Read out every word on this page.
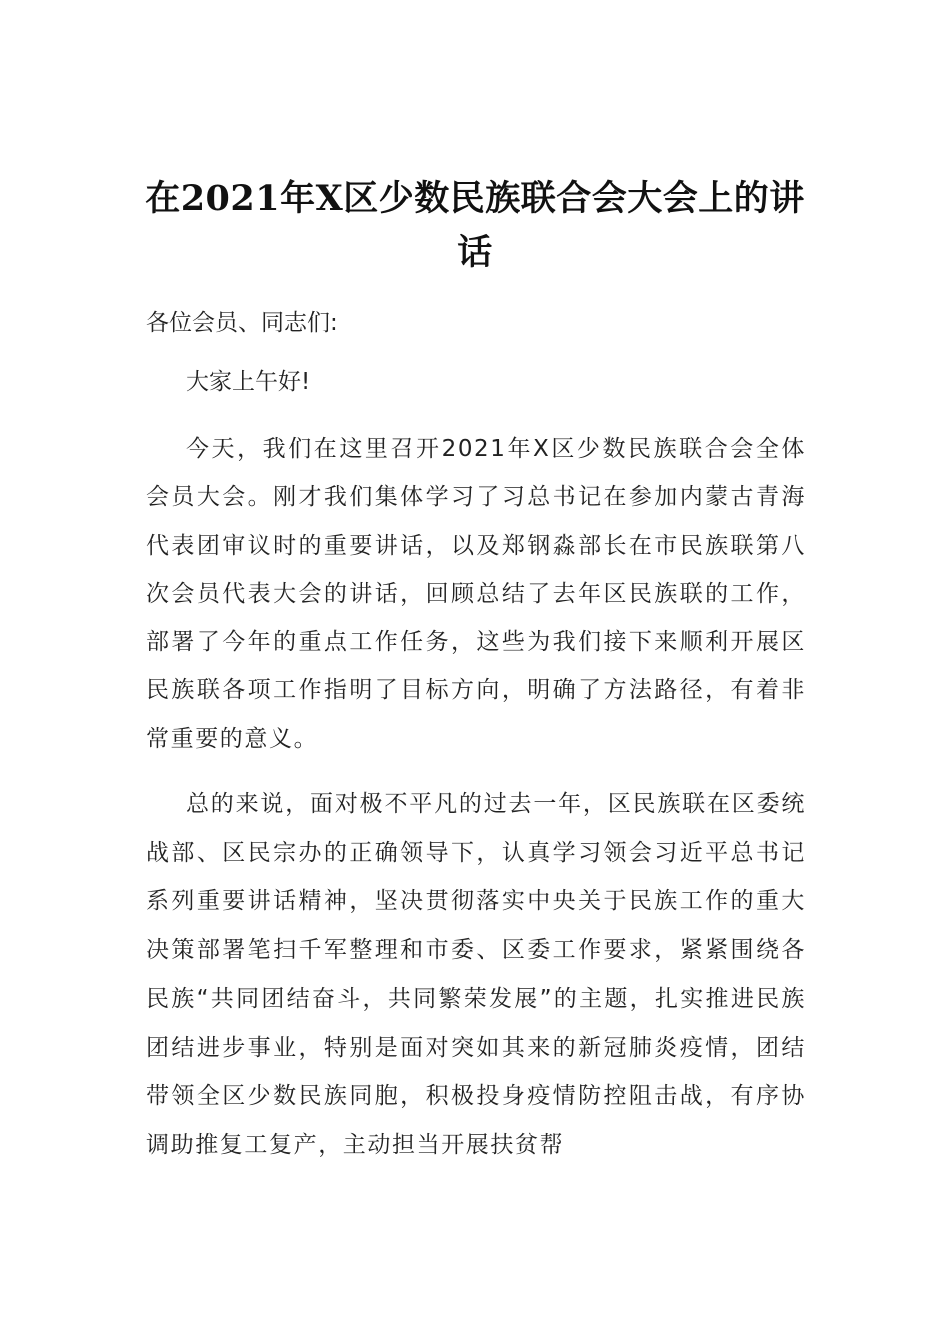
在2021年X区少数民族联合会大会上的讲话

各位会员、同志们:

大家上午好!

今天，我们在这里召开2021年X区少数民族联合会全体会员大会。刚才我们集体学习了习总书记在参加内蒙古青海代表团审议时的重要讲话，以及郑钢淼部长在市民族联第八次会员代表大会的讲话，回顾总结了去年区民族联的工作，部署了今年的重点工作任务，这些为我们接下来顺利开展区民族联各项工作指明了目标方向，明确了方法路径，有着非常重要的意义。

总的来说，面对极不平凡的过去一年，区民族联在区委统战部、区民宗办的正确领导下，认真学习领会习近平总书记系列重要讲话精神，坚决贯彻落实中央关于民族工作的重大决策部署笔扫千军整理和市委、区委工作要求，紧紧围绕各民族“共同团结奋斗，共同繁荣发展”的主题，扎实推进民族团结进步事业，特别是面对突如其来的新冠肺炎疫情，团结带领全区少数民族同胞，积极投身疫情防控阻击战，有序协调助推复工复产，主动担当开展扶贫帮
